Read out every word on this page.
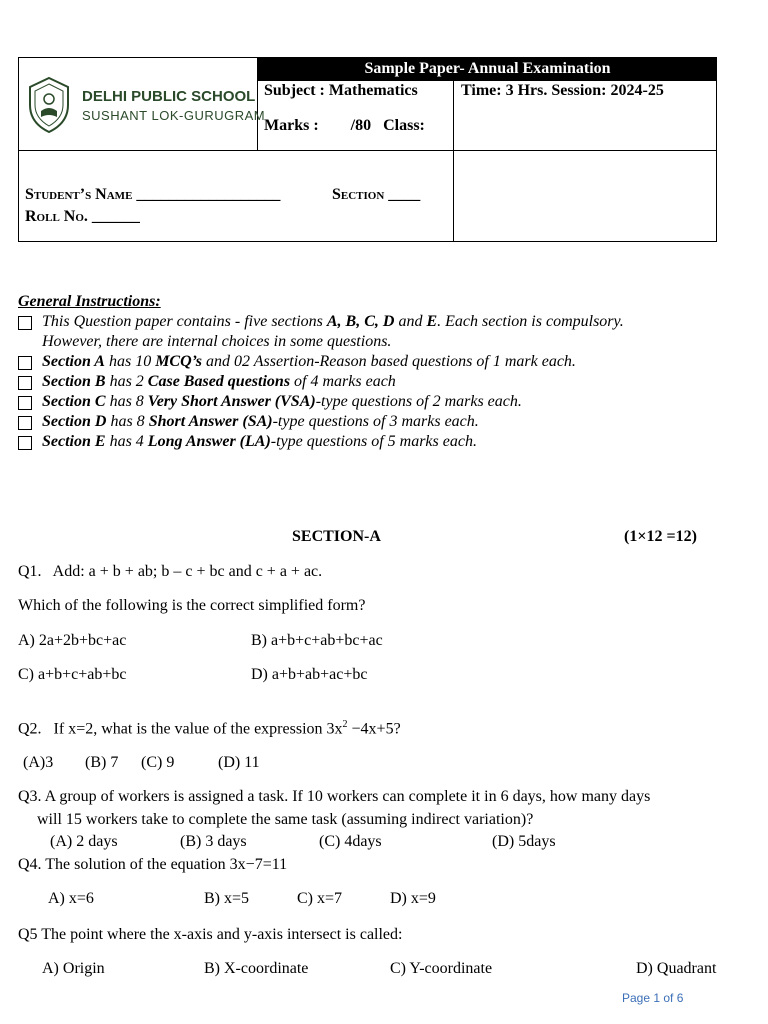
Sample Paper- Annual Examination
DELHI PUBLIC SCHOOL
SUSHANT LOK-GURUGRAM
Subject : Mathematics	Time: 3 Hrs. Session: 2024-25
Marks :        /80   Class:
Student’s Name __________________	Section ____
Roll No. ______
General Instructions:
This Question paper contains - five sections A, B, C, D and E. Each section is compulsory.
However, there are internal choices in some questions.
Section A has 10 MCQ’s and 02 Assertion-Reason based questions of 1 mark each.
Section B has 2 Case Based questions of 4 marks each
Section C has 8 Very Short Answer (VSA)-type questions of 2 marks each.
Section D has 8 Short Answer (SA)-type questions of 3 marks each.
Section E has 4 Long Answer (LA)-type questions of 5 marks each.
SECTION-A	(1×12 =12)
Q1.   Add: a + b + ab; b – c + bc and c + a + ac.
Which of the following is the correct simplified form?
A) 2a+2b+bc+ac	B) a+b+c+ab+bc+ac
C) a+b+c+ab+bc	D) a+b+ab+ac+bc
Q2.   If x=2, what is the value of the expression $3x^2 -4x+5$?
(A)3 (B) 7 (C) 9	(D) 11
Q3. A group of workers is assigned a task. If 10 workers can complete it in 6 days, how many days
will 15 workers take to complete the same task (assuming indirect variation)?
(A) 2 days	(B) 3 days	(C) 4days	(D) 5days
Q4. The solution of the equation 3x−7=11
A) x=6	B) x=5	C) x=7	D) x=9
Q5 The point where the x-axis and y-axis intersect is called:
A) Origin	B) X-coordinate	C) Y-coordinate	D) Quadrant
Page 1 of 6
